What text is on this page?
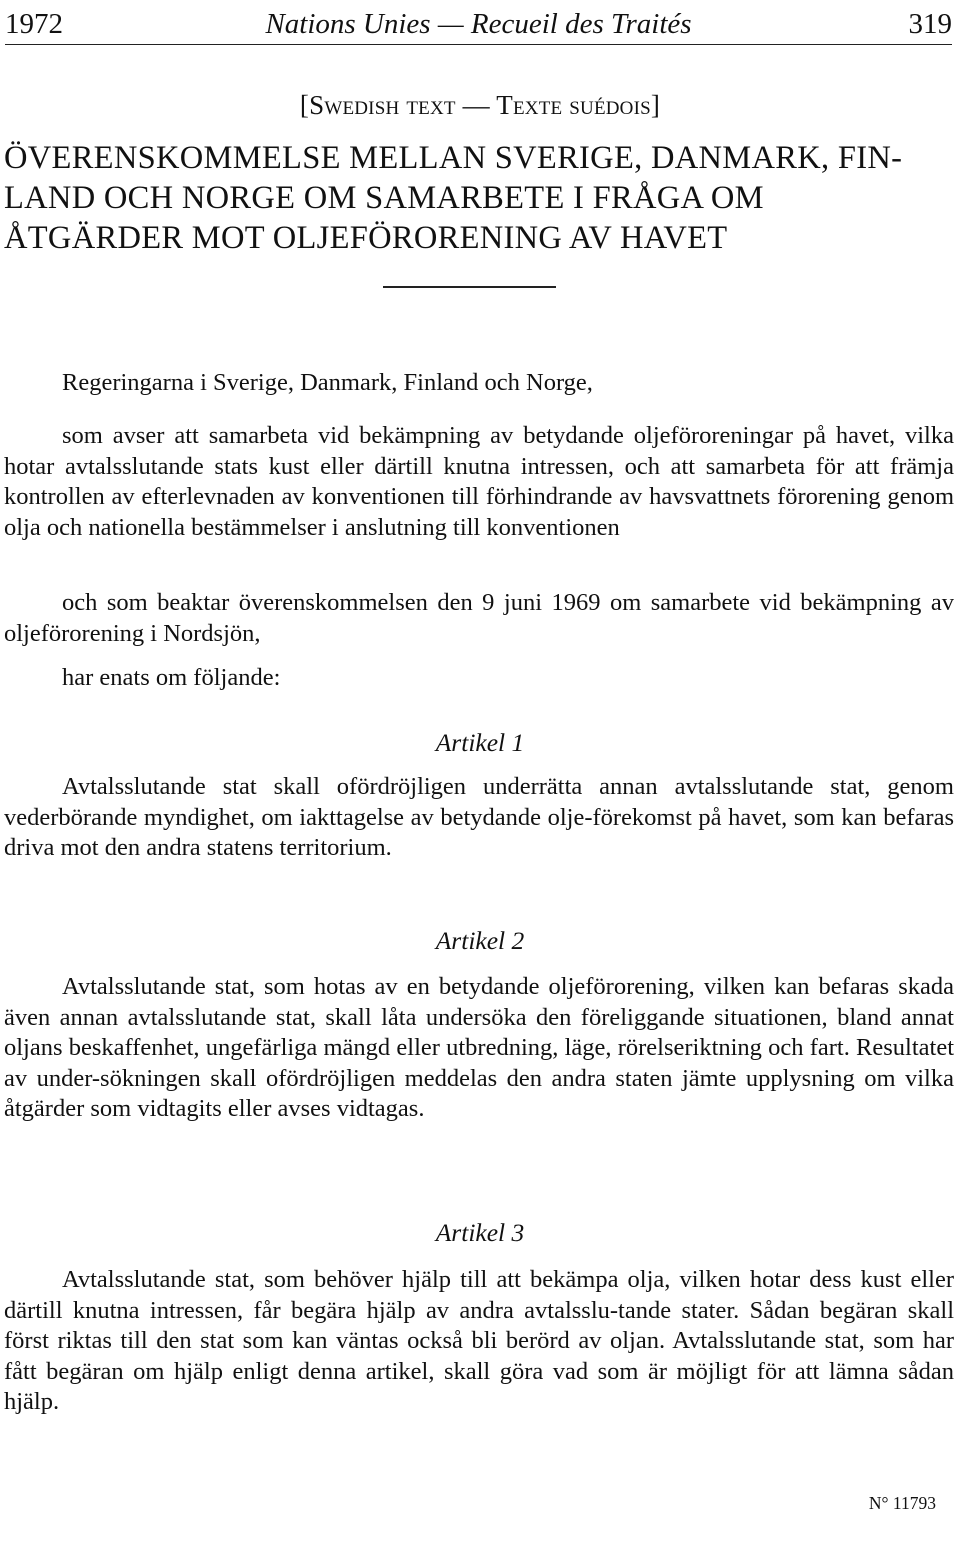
1972	Nations Unies — Recueil des Traités	319
[Swedish text — Texte suédois]
ÖVERENSKOMMELSE MELLAN SVERIGE, DANMARK, FIN-
LAND OCH NORGE OM SAMARBETE I FRÅGA OM
ÅTGÄRDER MOT OLJEFÖRORENING AV HAVET

Regeringarna i Sverige, Danmark, Finland och Norge,

som avser att samarbeta vid bekämpning av betydande oljeföroreningar på havet, vilka hotar avtalsslutande stats kust eller därtill knutna intressen, och att samarbeta för att främja kontrollen av efterlevnaden av konventionen till förhindrande av havsvattnets förorening genom olja och nationella bestämmelser i anslutning till konventionen

och som beaktar överenskommelsen den 9 juni 1969 om samarbete vid bekämpning av oljeförorening i Nordsjön,

har enats om följande:

Artikel 1

Avtalsslutande stat skall ofördröjligen underrätta annan avtalsslutande stat, genom vederbörande myndighet, om iakttagelse av betydande olje-förekomst på havet, som kan befaras driva mot den andra statens territorium.

Artikel 2

Avtalsslutande stat, som hotas av en betydande oljeförorening, vilken kan befaras skada även annan avtalsslutande stat, skall låta undersöka den föreliggande situationen, bland annat oljans beskaffenhet, ungefärliga mängd eller utbredning, läge, rörelseriktning och fart. Resultatet av under-sökningen skall ofördröjligen meddelas den andra staten jämte upplysning om vilka åtgärder som vidtagits eller avses vidtagas.

Artikel 3

Avtalsslutande stat, som behöver hjälp till att bekämpa olja, vilken hotar dess kust eller därtill knutna intressen, får begära hjälp av andra avtalsslu-tande stater. Sådan begäran skall först riktas till den stat som kan väntas också bli berörd av oljan. Avtalsslutande stat, som har fått begäran om hjälp enligt denna artikel, skall göra vad som är möjligt för att lämna sådan hjälp.

N° 11793
